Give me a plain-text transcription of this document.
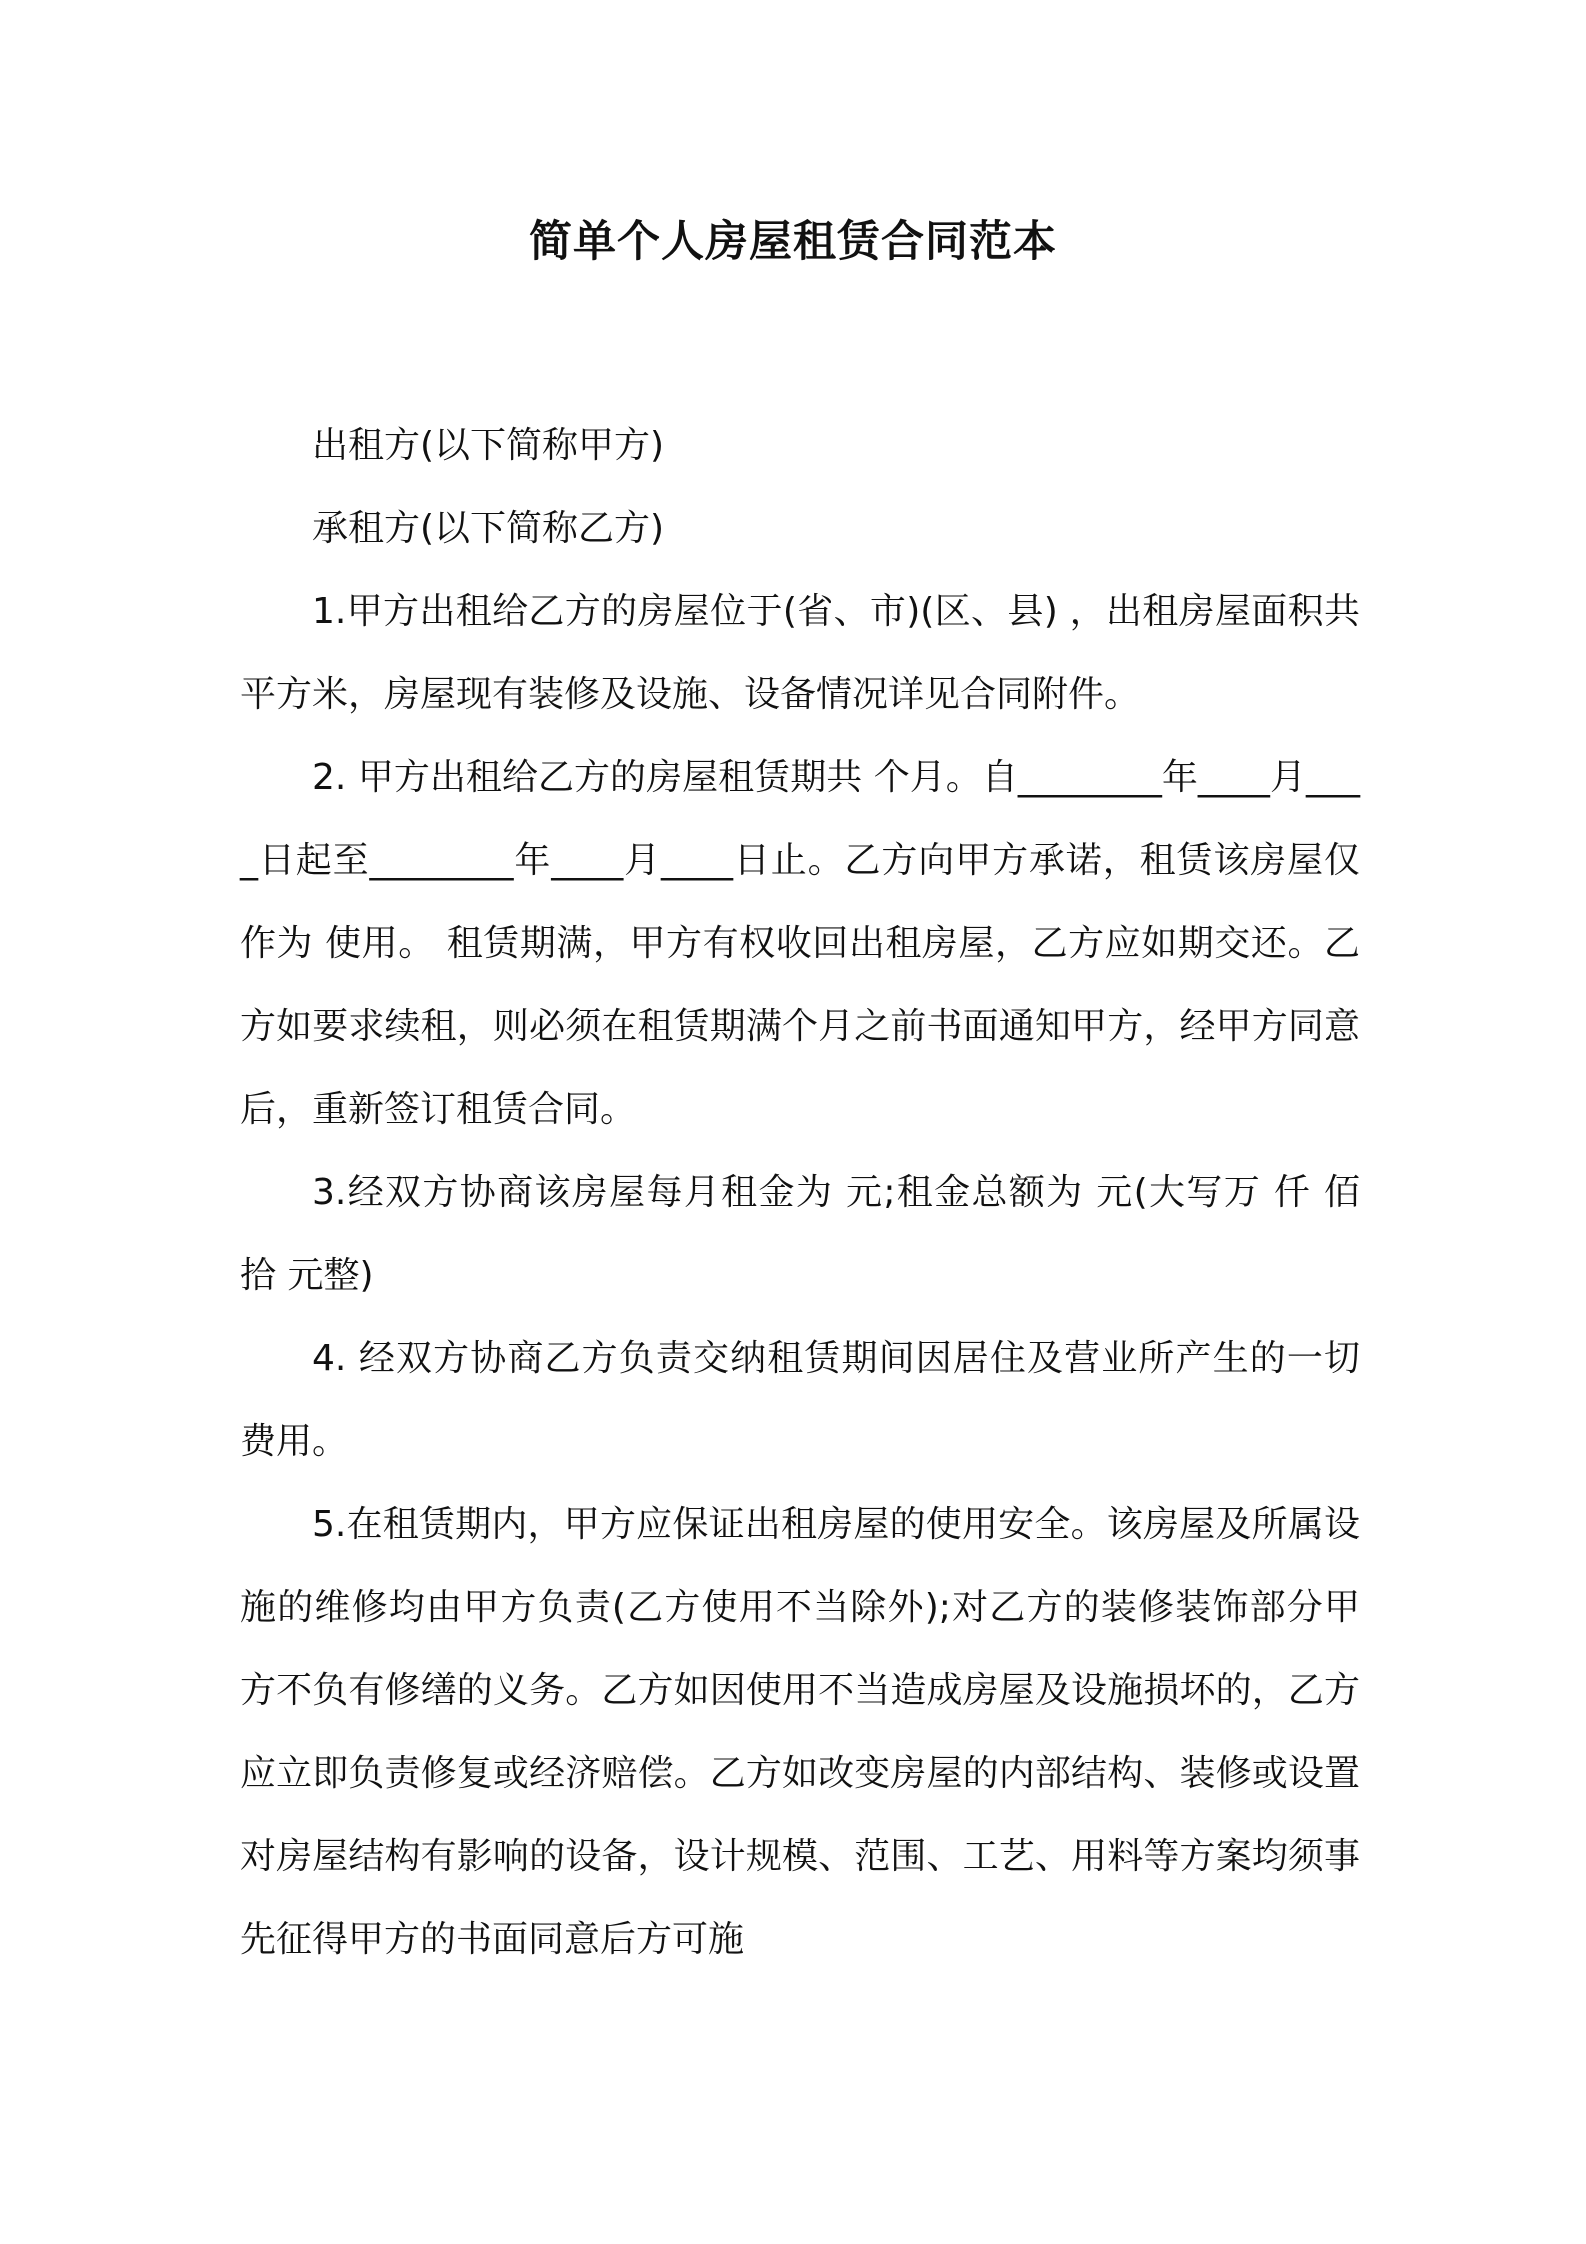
简单个人房屋租赁合同范本

出租方(以下简称甲方)

承租方(以下简称乙方)

1.甲方出租给乙方的房屋位于(省、市)(区、县) ，出租房屋面积共 平方米，房屋现有装修及设施、设备情况详见合同附件。

2. 甲方出租给乙方的房屋租赁期共 个月。自________年____月____日起至________年____月____日止。乙方向甲方承诺，租赁该房屋仅作为 使用。 租赁期满，甲方有权收回出租房屋，乙方应如期交还。乙方如要求续租，则必须在租赁期满个月之前书面通知甲方，经甲方同意后，重新签订租赁合同。

3.经双方协商该房屋每月租金为 元;租金总额为 元(大写万 仟 佰 拾 元整)

4. 经双方协商乙方负责交纳租赁期间因居住及营业所产生的一切费用。

5.在租赁期内，甲方应保证出租房屋的使用安全。该房屋及所属设施的维修均由甲方负责(乙方使用不当除外);对乙方的装修装饰部分甲方不负有修缮的义务。乙方如因使用不当造成房屋及设施损坏的，乙方应立即负责修复或经济赔偿。乙方如改变房屋的内部结构、装修或设置对房屋结构有影响的设备，设计规模、范围、工艺、用料等方案均须事先征得甲方的书面同意后方可施
